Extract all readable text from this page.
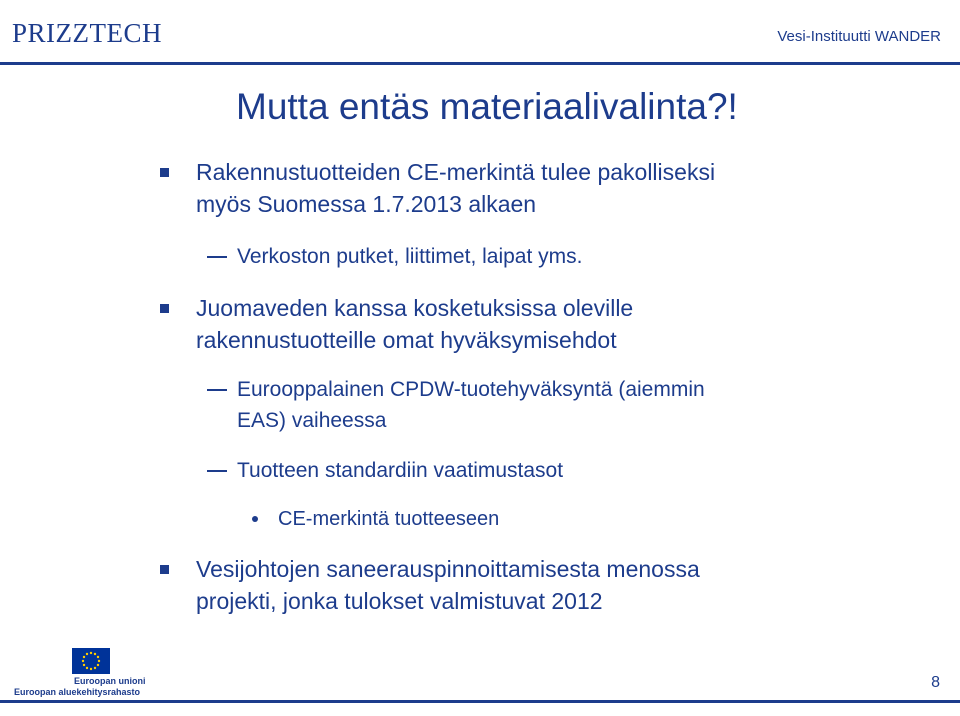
PRIZZTECH	Vesi-Instituutti WANDER
Mutta entäs materiaalivalinta?!
Rakennustuotteiden CE-merkintä tulee pakolliseksi
myös Suomessa 1.7.2013 alkaen
Verkoston putket, liittimet, laipat yms.
Juomaveden kanssa kosketuksissa oleville
rakennustuotteille omat hyväksymisehdot
Eurooppalainen CPDW-tuotehyväksyntä (aiemmin
EAS) vaiheessa
Tuotteen standardiin vaatimustasot
CE-merkintä tuotteeseen
Vesijohtojen saneerauspinnoittamisesta menossa
projekti, jonka tulokset valmistuvat 2012
Euroopan unioni
Euroopan aluekehitysrahasto
8
